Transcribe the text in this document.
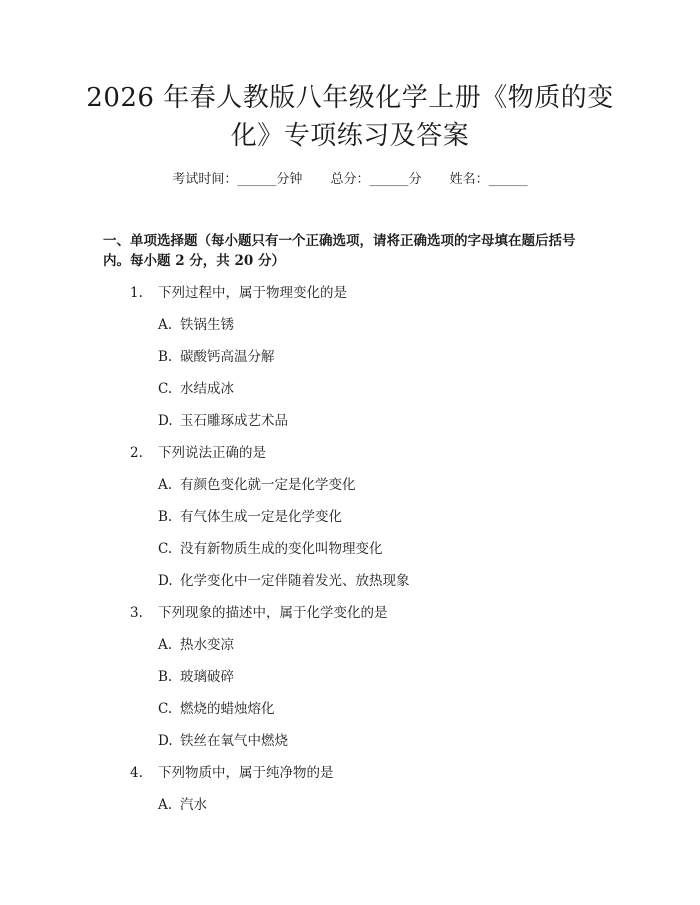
2026 年春人教版八年级化学上册《物质的变
化》专项练习及答案
考试时间：______分钟 总分：______分 姓名：______
一、单项选择题（每小题只有一个正确选项，请将正确选项的字母填在题后括号
内。每小题 2 分，共 20 分）
1. 下列过程中，属于物理变化的是
A. 铁锅生锈
B. 碳酸钙高温分解
C. 水结成冰
D. 玉石雕琢成艺术品
2. 下列说法正确的是
A. 有颜色变化就一定是化学变化
B. 有气体生成一定是化学变化
C. 没有新物质生成的变化叫物理变化
D. 化学变化中一定伴随着发光、放热现象
3. 下列现象的描述中，属于化学变化的是
A. 热水变凉
B. 玻璃破碎
C. 燃烧的蜡烛熔化
D. 铁丝在氧气中燃烧
4. 下列物质中，属于纯净物的是
A. 汽水
